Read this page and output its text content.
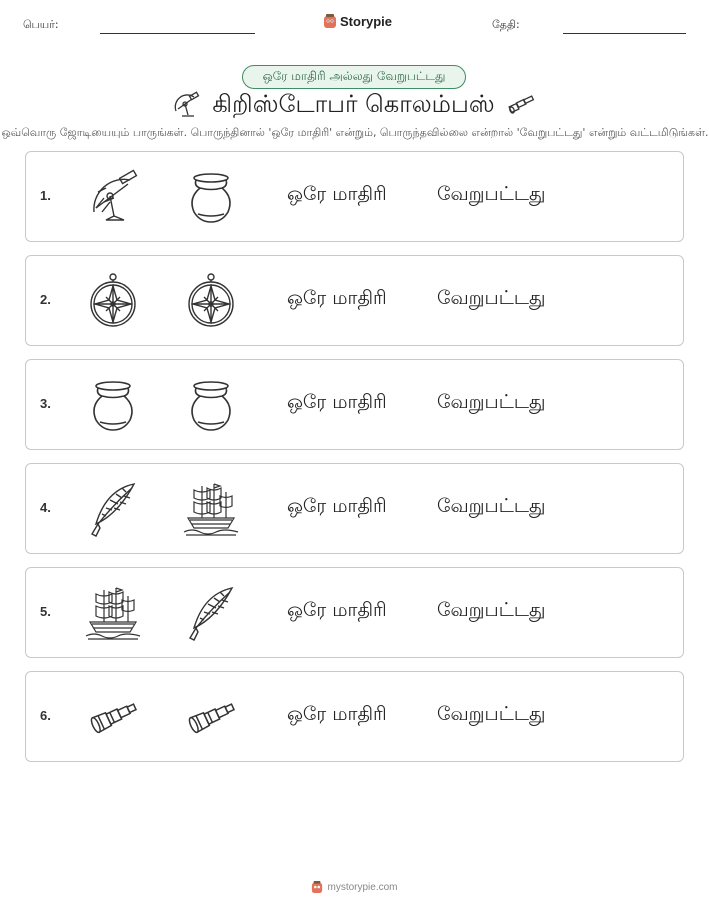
பெயர்:	Storypie	தேதி:
ஒரே மாதிரி அல்லது வேறுபட்டது
கிறிஸ்டோபர் கொலம்பஸ்
ஒவ்வொரு ஜோடியையும் பாருங்கள். பொருந்தினால் 'ஒரே மாதிரி' என்றும், பொருந்தவில்லை என்றால் 'வேறுபட்டது' என்றும் வட்டமிடுங்கள்.
1.	ஒரே மாதிரி	வேறுபட்டது
2.	ஒரே மாதிரி	வேறுபட்டது
3.	ஒரே மாதிரி	வேறுபட்டது
4.	ஒரே மாதிரி	வேறுபட்டது
5.	ஒரே மாதிரி	வேறுபட்டது
6.	ஒரே மாதிரி	வேறுபட்டது
mystorypie.com
